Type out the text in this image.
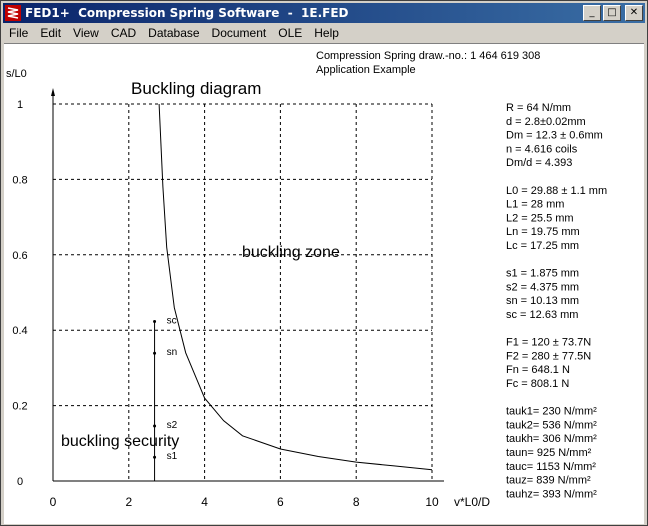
FED1+  Compression Spring Software  -  1E.FED	_ □ ✕
File	Edit	View	CAD	Database	Document	OLE	Help
Compression Spring draw.-no.: 1 464 619 308
Application Example
R = 64 N/mm
d = 2.8±0.02mm
Dm = 12.3 ± 0.6mm
n = 4.616 coils
Dm/d = 4.393
L0 = 29.88 ± 1.1 mm
L1 = 28 mm
L2 = 25.5 mm
Ln = 19.75 mm
Lc = 17.25 mm
s1 = 1.875 mm
s2 = 4.375 mm
sn = 10.13 mm
sc = 12.63 mm
F1 = 120 ± 73.7N
F2 = 280 ± 77.5N
Fn = 648.1 N
Fc = 808.1 N
tauk1= 230 N/mm²
tauk2= 536 N/mm²
taukh= 306 N/mm²
taun= 925 N/mm²
tauc= 1153 N/mm²
tauz= 839 N/mm²
tauhz= 393 N/mm²
0	2	4	6	8	10
0
0.2
0.4
0.6
0.8
1
s/L0
v*L0/D
Buckling diagram
buckling zone
buckling security
s1
s2
sn
sc
